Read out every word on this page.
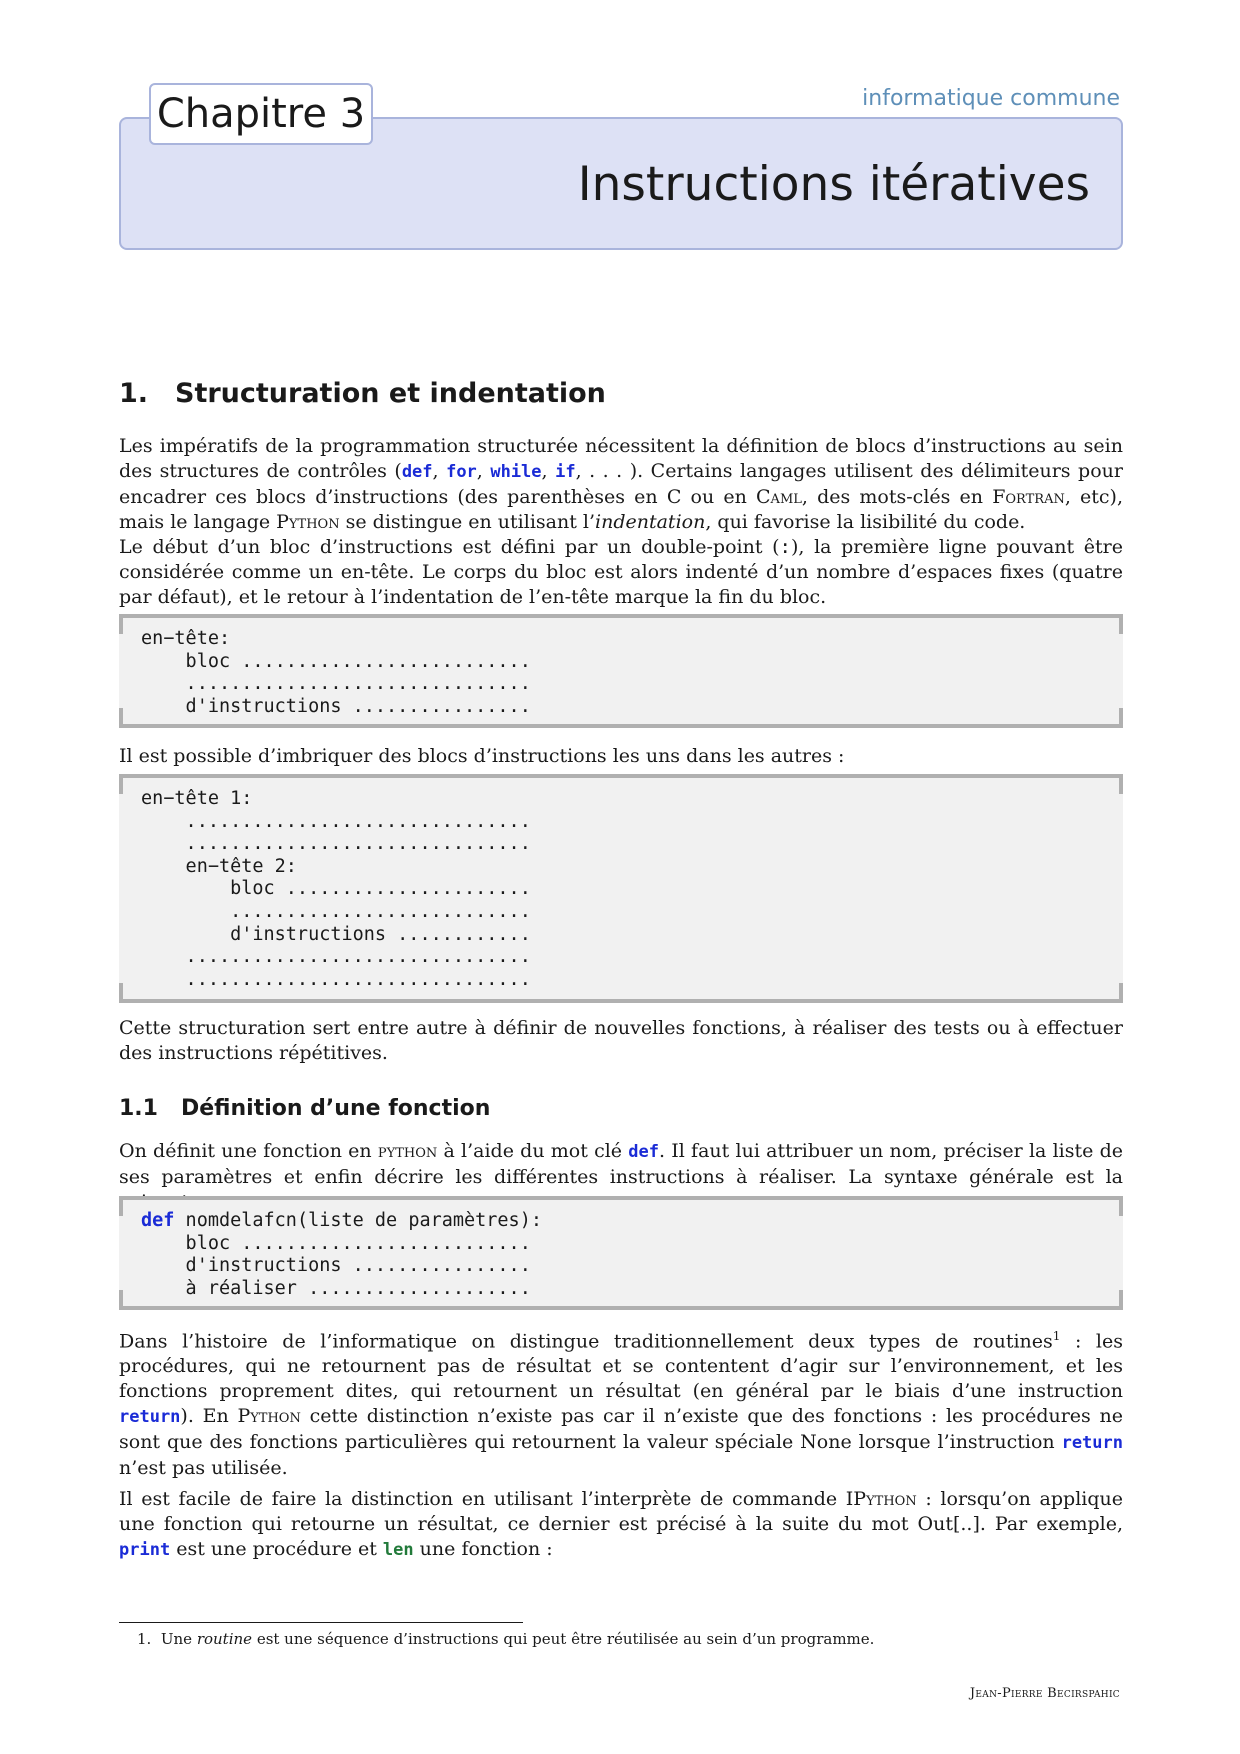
Chapitre 3	informatique commune
Instructions itératives
1. Structuration et indentation

Les impératifs de la programmation structurée nécessitent la définition de blocs d’instructions au sein des structures de contrôles (def, for, while, if, . . . ). Certains langages utilisent des délimiteurs pour encadrer ces blocs d’instructions (des parenthèses en C ou en Caml, des mots-clés en Fortran, etc), mais le langage Python se distingue en utilisant l’indentation, qui favorise la lisibilité du code.

Le début d’un bloc d’instructions est défini par un double-point (:), la première ligne pouvant être considérée comme un en-tête. Le corps du bloc est alors indenté d’un nombre d’espaces fixes (quatre par défaut), et le retour à l’indentation de l’en-tête marque la fin du bloc.

en−tête:
bloc ..........................
...............................
d'instructions ................

Il est possible d’imbriquer des blocs d’instructions les uns dans les autres :

en−tête 1:
...............................
...............................
en−tête 2:
bloc ......................
...........................
d'instructions ............
...............................
...............................

Cette structuration sert entre autre à définir de nouvelles fonctions, à réaliser des tests ou à effectuer des instructions répétitives.

1.1 Définition d’une fonction

On définit une fonction en python à l’aide du mot clé def. Il faut lui attribuer un nom, préciser la liste de ses paramètres et enfin décrire les différentes instructions à réaliser. La syntaxe générale est la

def nomdelafcn(liste de paramètres):
bloc ..........................
d'instructions ................
à réaliser ....................

Dans l’histoire de l’informatique on distingue traditionnellement deux types de routines$^1$ : les procédures, qui ne retournent pas de résultat et se contentent d’agir sur l’environnement, et les fonctions proprement dites, qui retournent un résultat (en général par le biais d’une instruction return). En Python cette distinction n’existe pas car il n’existe que des fonctions : les procédures ne sont que des fonctions particulières qui retournent la valeur spéciale None lorsque l’instruction return n’est pas utilisée.

Il est facile de faire la distinction en utilisant l’interprète de commande IPython : lorsqu’on applique une fonction qui retourne un résultat, ce dernier est précisé à la suite du mot Out[..]. Par exemple, print est une procédure et len une fonction :

1. Une routine est une séquence d’instructions qui peut être réutilisée au sein d’un programme.
Jean-Pierre Becirspahic
